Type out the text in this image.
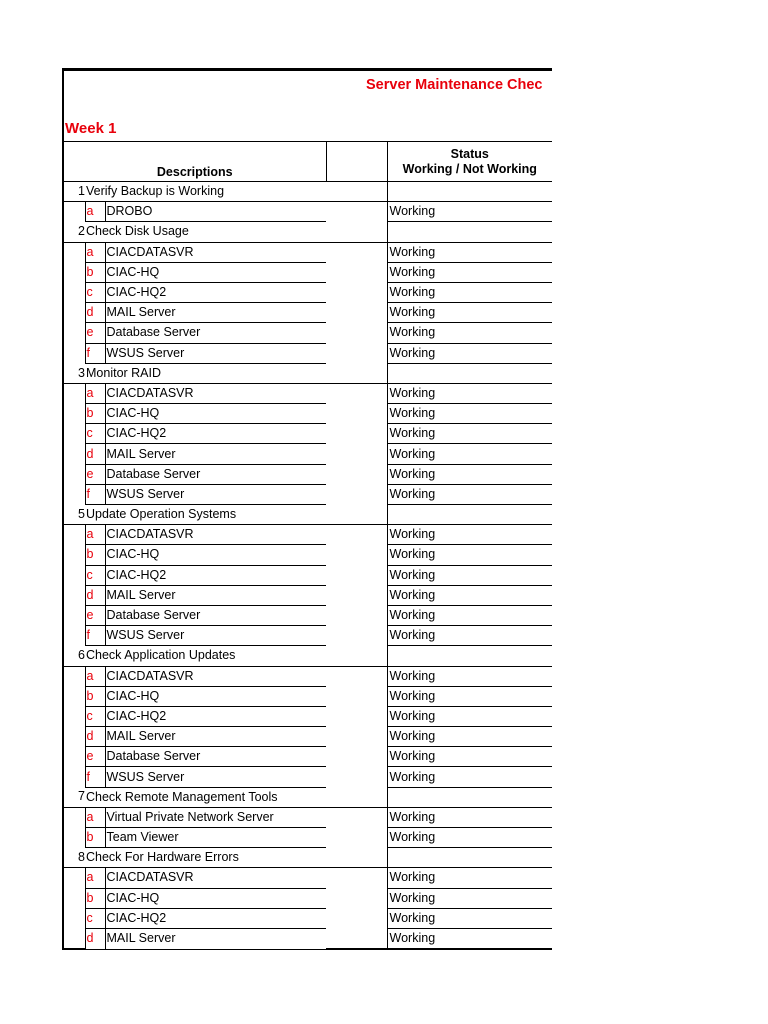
Server Maintenance Chec
Week 1
Descriptions				Status
Working / Not Working

1	Verify Backup is Working			
	a	DROBO		Working
2	Check Disk Usage			
	a	CIACDATASVR		Working
	b	CIAC-HQ		Working
	c	CIAC-HQ2		Working
	d	MAIL Server		Working
	e	Database Server		Working
	f	WSUS Server		Working
3	Monitor RAID			
	a	CIACDATASVR		Working
	b	CIAC-HQ		Working
	c	CIAC-HQ2		Working
	d	MAIL Server		Working
	e	Database Server		Working
	f	WSUS Server		Working
5	Update Operation Systems			
	a	CIACDATASVR		Working
	b	CIAC-HQ		Working
	c	CIAC-HQ2		Working
	d	MAIL Server		Working
	e	Database Server		Working
	f	WSUS Server		Working
6	Check Application Updates			
	a	CIACDATASVR		Working
	b	CIAC-HQ		Working
	c	CIAC-HQ2		Working
	d	MAIL Server		Working
	e	Database Server		Working
	f	WSUS Server		Working
7	Check Remote Management Tools			
	a	Virtual Private Network Server		Working
	b	Team Viewer		Working
8	Check For Hardware Errors			
	a	CIACDATASVR		Working
	b	CIAC-HQ		Working
	c	CIAC-HQ2		Working
	d	MAIL Server		Working
